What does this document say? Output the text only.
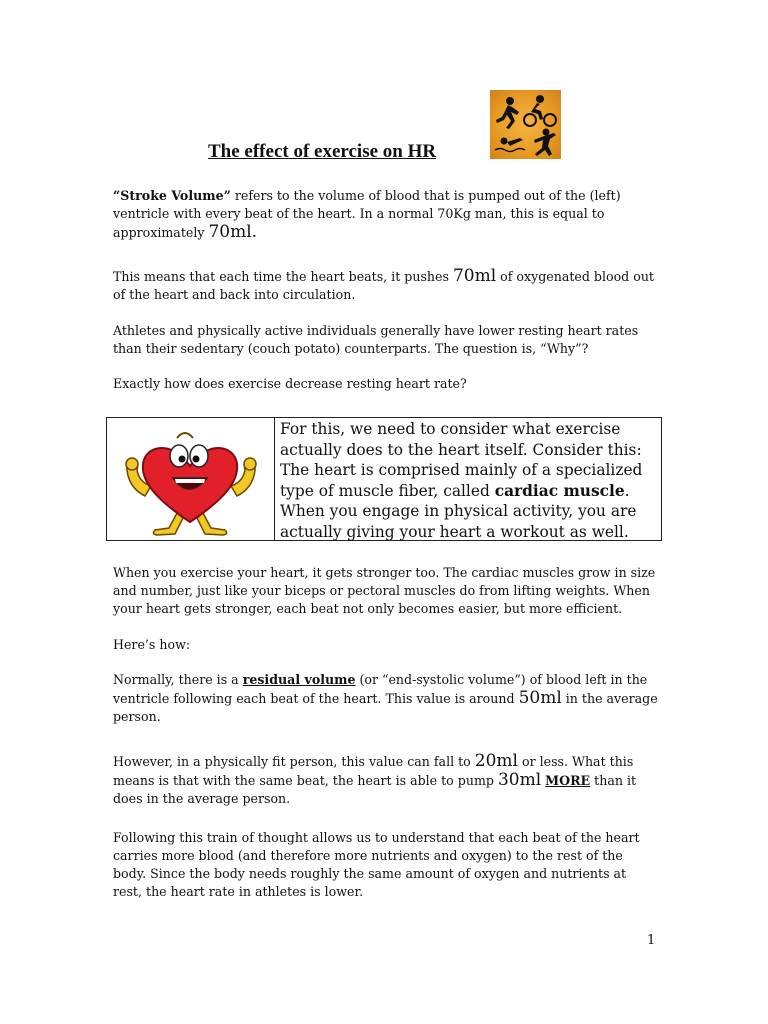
The effect of exercise on HR

“Stroke Volume” refers to the volume of blood that is pumped out of the (left) ventricle with every beat of the heart. In a normal 70Kg man, this is equal to approximately 70ml.

This means that each time the heart beats, it pushes 70ml of oxygenated blood out of the heart and back into circulation.

Athletes and physically active individuals generally have lower resting heart rates than their sedentary (couch potato) counterparts. The question is, “Why”?

Exactly how does exercise decrease resting heart rate?

For this, we need to consider what exercise actually does to the heart itself. Consider this: The heart is comprised mainly of a specialized type of muscle fiber, called cardiac muscle. When you engage in physical activity, you are actually giving your heart a workout as well.

When you exercise your heart, it gets stronger too. The cardiac muscles grow in size and number, just like your biceps or pectoral muscles do from lifting weights. When your heart gets stronger, each beat not only becomes easier, but more efficient.

Here’s how:

Normally, there is a residual volume (or “end-systolic volume”) of blood left in the ventricle following each beat of the heart. This value is around 50ml in the average person.

However, in a physically fit person, this value can fall to 20ml or less. What this means is that with the same beat, the heart is able to pump 30ml MORE than it does in the average person.

Following this train of thought allows us to understand that each beat of the heart carries more blood (and therefore more nutrients and oxygen) to the rest of the body. Since the body needs roughly the same amount of oxygen and nutrients at rest, the heart rate in athletes is lower.

1
